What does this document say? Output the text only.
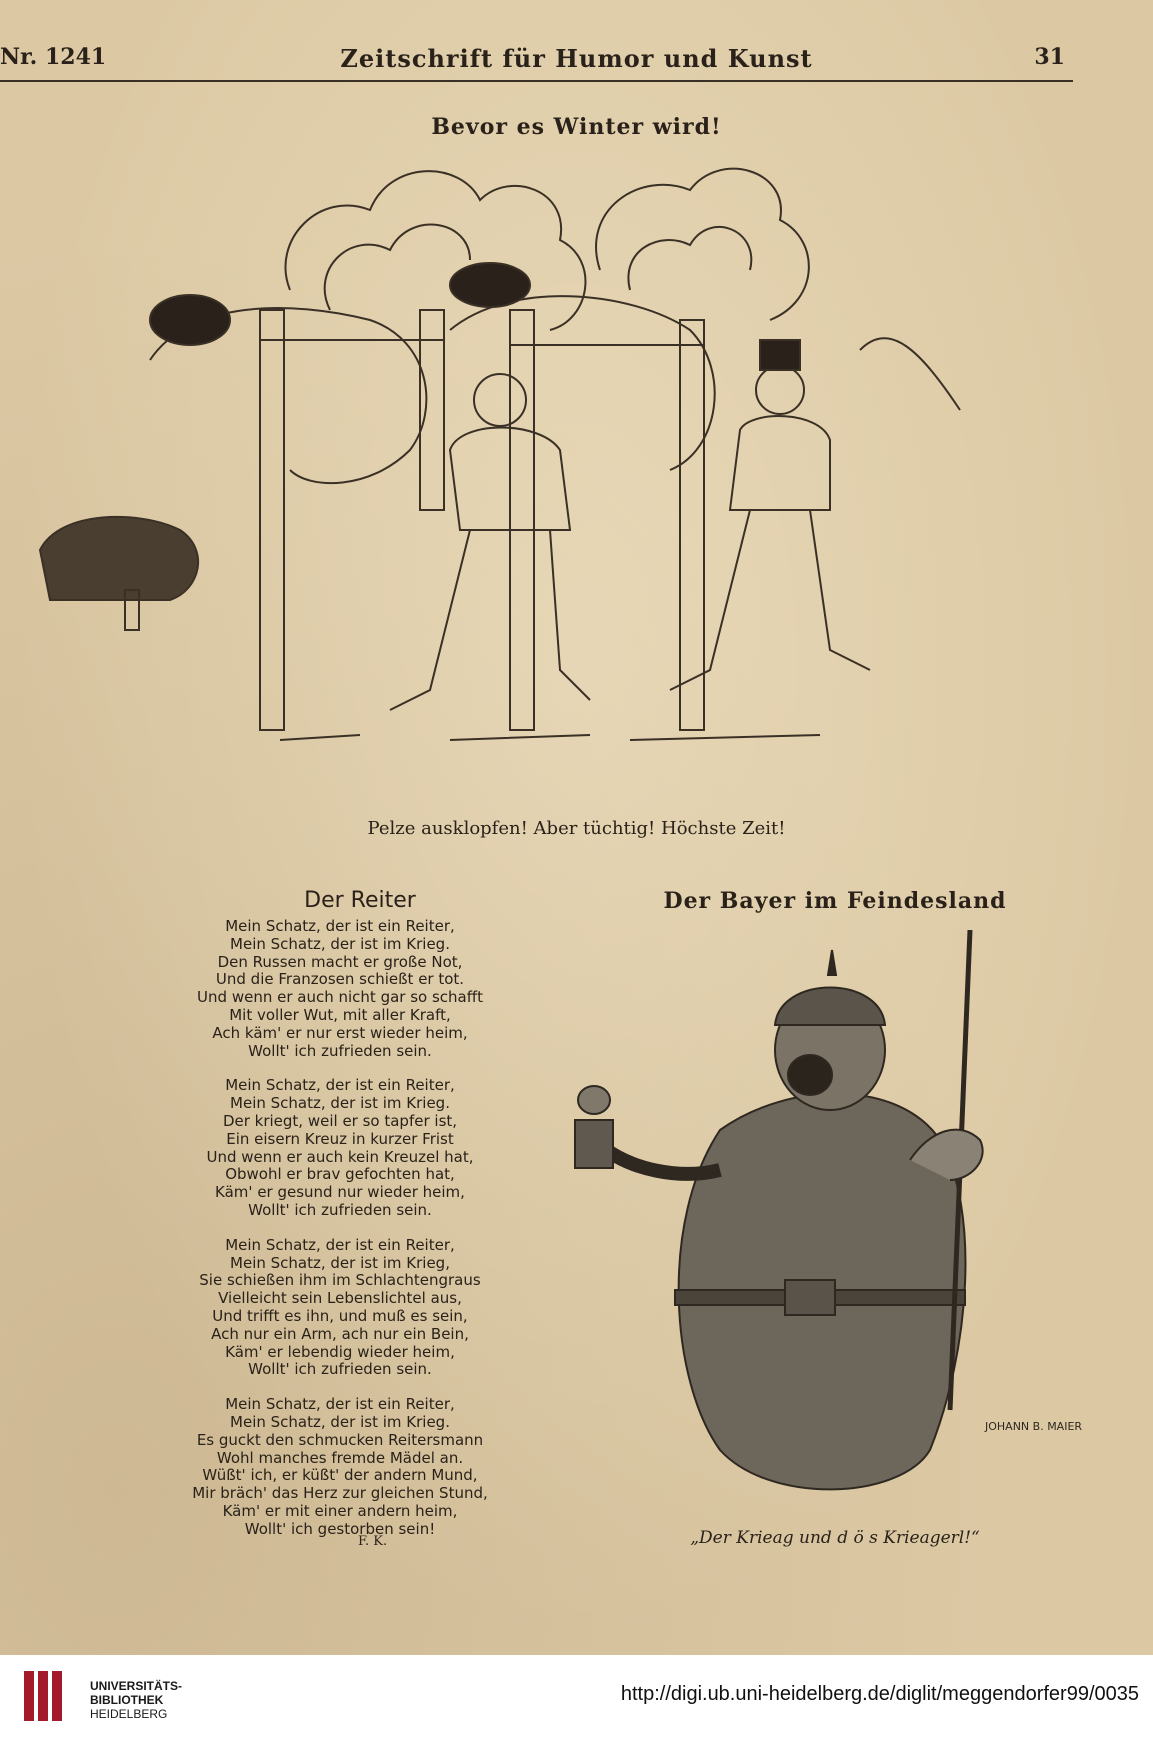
Nr. 1241	Zeitschrift für Humor und Kunst	31
Bevor es Winter wird!
Pelze ausklopfen! Aber tüchtig! Höchste Zeit!
Der Reiter
Mein Schatz, der ist ein Reiter,
Mein Schatz, der ist im Krieg.
Den Russen macht er große Not,
Und die Franzosen schießt er tot.
Und wenn er auch nicht gar so schafft
Mit voller Wut, mit aller Kraft,
Ach käm' er nur erst wieder heim,
Wollt' ich zufrieden sein.
Mein Schatz, der ist ein Reiter,
Mein Schatz, der ist im Krieg.
Der kriegt, weil er so tapfer ist,
Ein eisern Kreuz in kurzer Frist
Und wenn er auch kein Kreuzel hat,
Obwohl er brav gefochten hat,
Käm' er gesund nur wieder heim,
Wollt' ich zufrieden sein.
Mein Schatz, der ist ein Reiter,
Mein Schatz, der ist im Krieg,
Sie schießen ihm im Schlachtengraus
Vielleicht sein Lebenslichtel aus,
Und trifft es ihn, und muß es sein,
Ach nur ein Arm, ach nur ein Bein,
Käm' er lebendig wieder heim,
Wollt' ich zufrieden sein.
Mein Schatz, der ist ein Reiter,
Mein Schatz, der ist im Krieg.
Es guckt den schmucken Reitersmann
Wohl manches fremde Mädel an.
Wüßt' ich, er küßt' der andern Mund,
Mir bräch' das Herz zur gleichen Stund,
Käm' er mit einer andern heim,
Wollt' ich gestorben sein!
F. K.
Der Bayer im Feindesland
JOHANN B. MAIER
„Der Krieag und d ö s Krieagerl!“
UNIVERSITÄTS-
BIBLIOTHEK
HEIDELBERG
http://digi.ub.uni-heidelberg.de/diglit/meggendorfer99/0035
